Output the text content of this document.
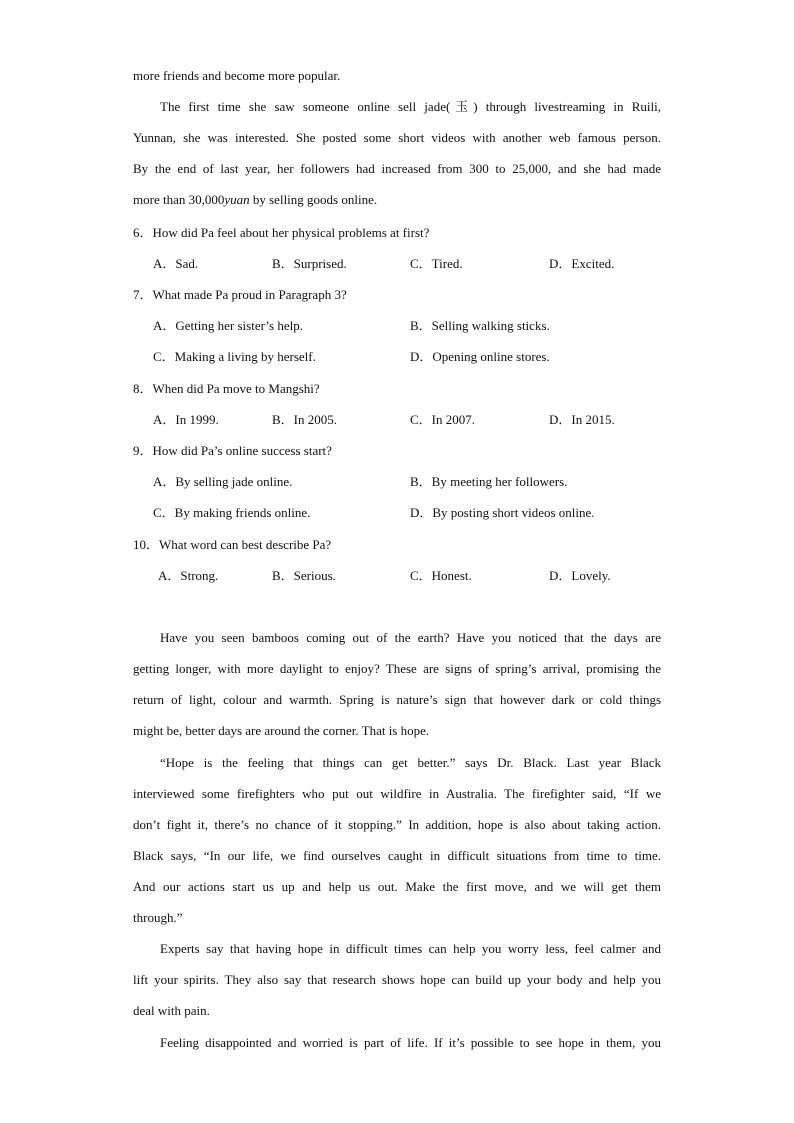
more friends and become more popular.
The first time she saw someone online sell jade(玉) through livestreaming in Ruili,
Yunnan, she was interested. She posted some short videos with another web famous person.
By the end of last year, her followers had increased from 300 to 25,000, and she had made
more than 30,000yuan by selling goods online.
6．How did Pa feel about her physical problems at first?
A．Sad.	B．Surprised.	C．Tired.	D．Excited.
7．What made Pa proud in Paragraph 3?
A．Getting her sister’s help.	B．Selling walking sticks.
C．Making a living by herself.	D．Opening online stores.
8．When did Pa move to Mangshi?
A．In 1999.	B．In 2005.	C．In 2007.	D．In 2015.
9．How did Pa’s online success start?
A．By selling jade online.	B．By meeting her followers.
C．By making friends online.	D．By posting short videos online.
10．What word can best describe Pa?
A．Strong.	B．Serious.	C．Honest.	D．Lovely.
Have you seen bamboos coming out of the earth? Have you noticed that the days are
getting longer, with more daylight to enjoy? These are signs of spring’s arrival, promising the
return of light, colour and warmth. Spring is nature’s sign that however dark or cold things
might be, better days are around the corner. That is hope.
“Hope is the feeling that things can get better.” says Dr. Black. Last year Black
interviewed some firefighters who put out wildfire in Australia. The firefighter said, “If we
don’t fight it, there’s no chance of it stopping.” In addition, hope is also about taking action.
Black says, “In our life, we find ourselves caught in difficult situations from time to time.
And our actions start us up and help us out. Make the first move, and we will get them
through.”
Experts say that having hope in difficult times can help you worry less, feel calmer and
lift your spirits. They also say that research shows hope can build up your body and help you
deal with pain.
Feeling disappointed and worried is part of life. If it’s possible to see hope in them, you
